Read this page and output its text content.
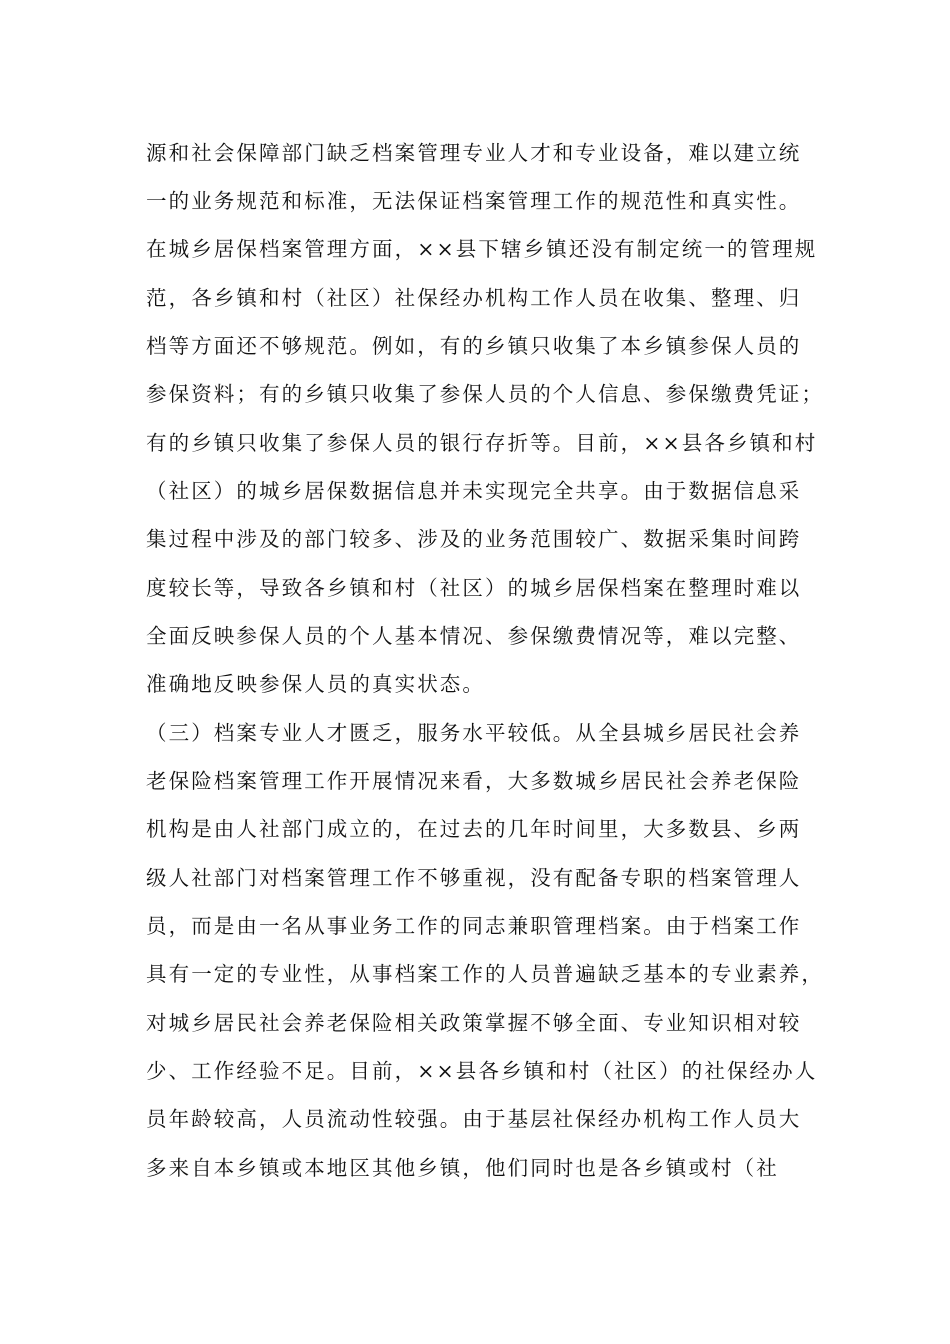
源和社会保障部门缺乏档案管理专业人才和专业设备，难以建立统
一的业务规范和标准，无法保证档案管理工作的规范性和真实性。
在城乡居保档案管理方面，××县下辖乡镇还没有制定统一的管理规
范，各乡镇和村（社区）社保经办机构工作人员在收集、整理、归
档等方面还不够规范。例如，有的乡镇只收集了本乡镇参保人员的
参保资料；有的乡镇只收集了参保人员的个人信息、参保缴费凭证；
有的乡镇只收集了参保人员的银行存折等。目前，××县各乡镇和村
（社区）的城乡居保数据信息并未实现完全共享。由于数据信息采
集过程中涉及的部门较多、涉及的业务范围较广、数据采集时间跨
度较长等，导致各乡镇和村（社区）的城乡居保档案在整理时难以
全面反映参保人员的个人基本情况、参保缴费情况等，难以完整、
准确地反映参保人员的真实状态。
（三）档案专业人才匮乏，服务水平较低。从全县城乡居民社会养
老保险档案管理工作开展情况来看，大多数城乡居民社会养老保险
机构是由人社部门成立的，在过去的几年时间里，大多数县、乡两
级人社部门对档案管理工作不够重视，没有配备专职的档案管理人
员，而是由一名从事业务工作的同志兼职管理档案。由于档案工作
具有一定的专业性，从事档案工作的人员普遍缺乏基本的专业素养，
对城乡居民社会养老保险相关政策掌握不够全面、专业知识相对较
少、工作经验不足。目前，××县各乡镇和村（社区）的社保经办人
员年龄较高，人员流动性较强。由于基层社保经办机构工作人员大
多来自本乡镇或本地区其他乡镇，他们同时也是各乡镇或村（社
